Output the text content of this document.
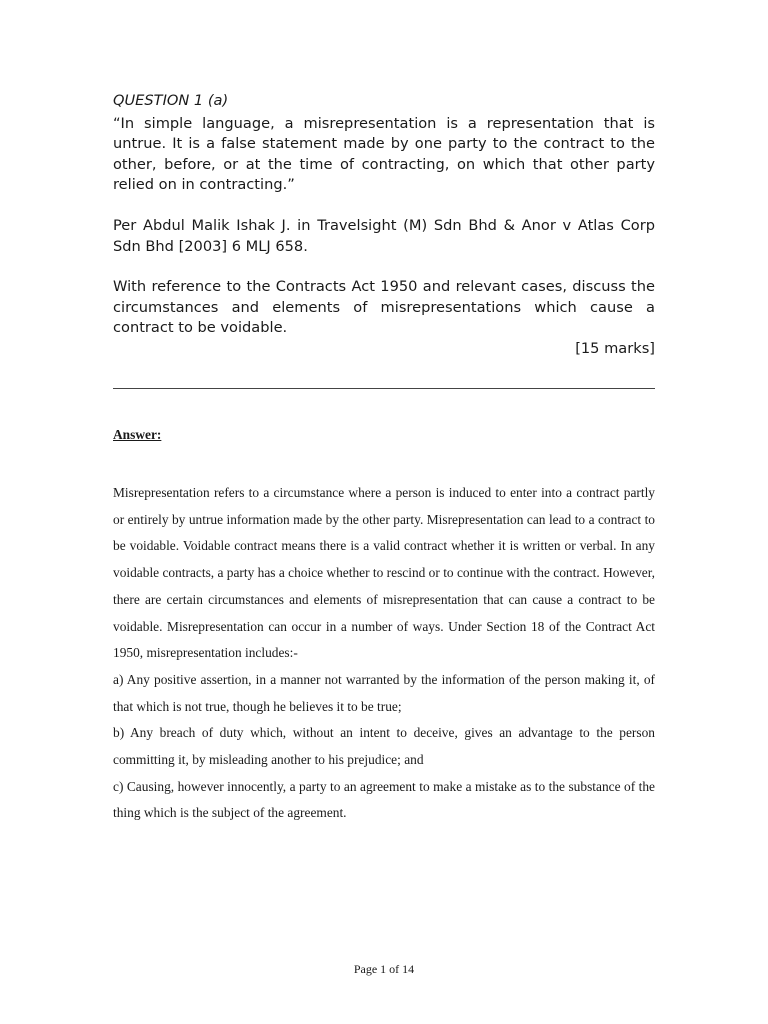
QUESTION 1 (a)

“In simple language, a misrepresentation is a representation that is untrue. It is a false statement made by one party to the contract to the other, before, or at the time of contracting, on which that other party relied on in contracting.”

Per Abdul Malik Ishak J. in Travelsight (M) Sdn Bhd & Anor v Atlas Corp Sdn Bhd [2003] 6 MLJ 658.

With reference to the Contracts Act 1950 and relevant cases, discuss the circumstances and elements of misrepresentations which cause a contract to be voidable.

[15 marks]

Answer:

Misrepresentation refers to a circumstance where a person is induced to enter into a contract partly or entirely by untrue information made by the other party. Misrepresentation can lead to a contract to be voidable. Voidable contract means there is a valid contract whether it is written or verbal. In any voidable contracts, a party has a choice whether to rescind or to continue with the contract. However, there are certain circumstances and elements of misrepresentation that can cause a contract to be voidable. Misrepresentation can occur in a number of ways. Under Section 18 of the Contract Act 1950, misrepresentation includes:-

a) Any positive assertion, in a manner not warranted by the information of the person making it, of that which is not true, though he believes it to be true;

b) Any breach of duty which, without an intent to deceive, gives an advantage to the person committing it, by misleading another to his prejudice; and

c) Causing, however innocently, a party to an agreement to make a mistake as to the substance of the thing which is the subject of the agreement.

Page 1 of 14
